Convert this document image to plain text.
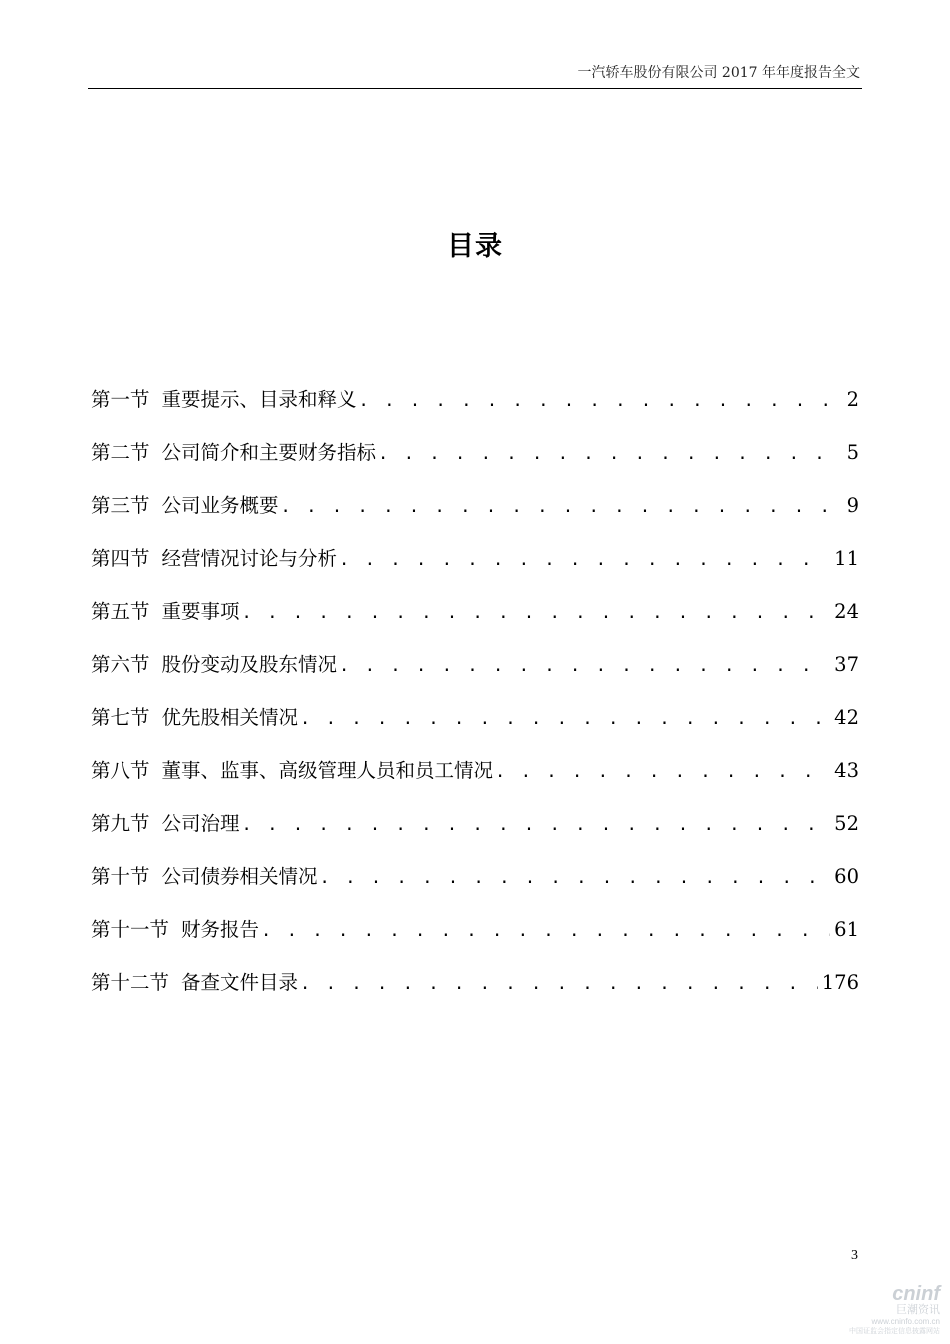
一汽轿车股份有限公司 2017 年年度报告全文
目录
第一节 重要提示、目录和释义 . . .	2
第二节 公司简介和主要财务指标 . . .	5
第三节 公司业务概要 . . .	9
第四节 经营情况讨论与分析 . . .	11
第五节 重要事项 . . .	24
第六节 股份变动及股东情况 . . .	37
第七节 优先股相关情况 . . .	42
第八节 董事、监事、高级管理人员和员工情况 . . .	43
第九节 公司治理 . . .	52
第十节 公司债券相关情况 . . .	60
第十一节 财务报告 . . .	61
第十二节 备查文件目录 . . .	176
3
cninf
巨潮资讯
www.cninfo.com.cn
中国证监会指定信息披露网站
